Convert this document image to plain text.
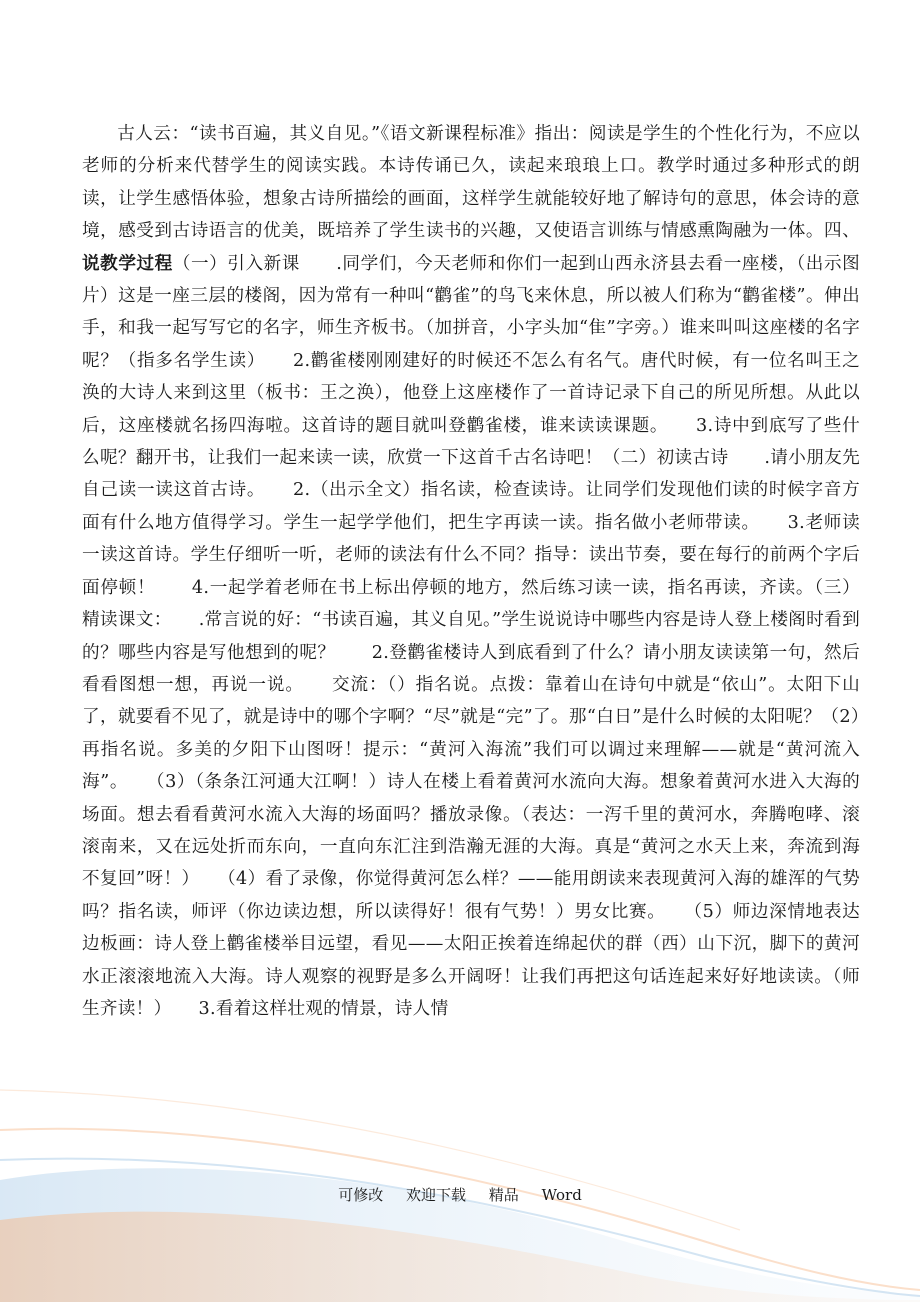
古人云：“读书百遍，其义自见。”《语文新课程标准》指出：阅读是学生的个性化行为，不应以老师的分析来代替学生的阅读实践。本诗传诵已久，读起来琅琅上口。教学时通过多种形式的朗读，让学生感悟体验，想象古诗所描绘的画面，这样学生就能较好地了解诗句的意思，体会诗的意境，感受到古诗语言的优美，既培养了学生读书的兴趣，又使语言训练与情感熏陶融为一体。四、说教学过程（一）引入新课　　.同学们，今天老师和你们一起到山西永济县去看一座楼，（出示图片）这是一座三层的楼阁，因为常有一种叫“鹳雀”的鸟飞来休息，所以被人们称为“鹳雀楼”。伸出手，和我一起写写它的名字，师生齐板书。（加拼音，小字头加“隹”字旁。）谁来叫叫这座楼的名字呢？（指多名学生读）　　2.鹳雀楼刚刚建好的时候还不怎么有名气。唐代时候，有一位名叫王之涣的大诗人来到这里（板书：王之涣），他登上这座楼作了一首诗记录下自己的所见所想。从此以后，这座楼就名扬四海啦。这首诗的题目就叫登鹳雀楼，谁来读读课题。　　3.诗中到底写了些什么呢？翻开书，让我们一起来读一读，欣赏一下这首千古名诗吧！（二）初读古诗　　.请小朋友先自己读一读这首古诗。　　2.（出示全文）指名读，检查读诗。让同学们发现他们读的时候字音方面有什么地方值得学习。学生一起学学他们，把生字再读一读。指名做小老师带读。　　3.老师读一读这首诗。学生仔细听一听，老师的读法有什么不同？指导：读出节奏，要在每行的前两个字后面停顿！　　4.一起学着老师在书上标出停顿的地方，然后练习读一读，指名再读，齐读。（三）精读课文：　　.常言说的好：“书读百遍，其义自见。”学生说说诗中哪些内容是诗人登上楼阁时看到的？哪些内容是写他想到的呢？　　2.登鹳雀楼诗人到底看到了什么？请小朋友读读第一句，然后看看图想一想，再说一说。　　交流：（）指名说。点拨：靠着山在诗句中就是“依山”。太阳下山了，就要看不见了，就是诗中的哪个字啊？“尽”就是“完”了。那“白日”是什么时候的太阳呢？（2）再指名说。多美的夕阳下山图呀！提示：“黄河入海流”我们可以调过来理解——就是“黄河流入海”。　　（3）（条条江河通大江啊！）诗人在楼上看着黄河水流向大海。想象着黄河水进入大海的场面。想去看看黄河水流入大海的场面吗？播放录像。（表达：一泻千里的黄河水，奔腾咆哮、滚滚南来，又在远处折而东向，一直向东汇注到浩瀚无涯的大海。真是“黄河之水天上来，奔流到海不复回”呀！）　　（4）看了录像，你觉得黄河怎么样？——能用朗读来表现黄河入海的雄浑的气势吗？指名读，师评（你边读边想，所以读得好！很有气势！）男女比赛。　　（5）师边深情地表达边板画：诗人登上鹳雀楼举目远望，看见——太阳正挨着连绵起伏的群（西）山下沉，脚下的黄河水正滚滚地流入大海。诗人观察的视野是多么开阔呀！让我们再把这句话连起来好好地读读。（师生齐读！）　　3.看着这样壮观的情景，诗人情

可修改 欢迎下载 精品 Word
